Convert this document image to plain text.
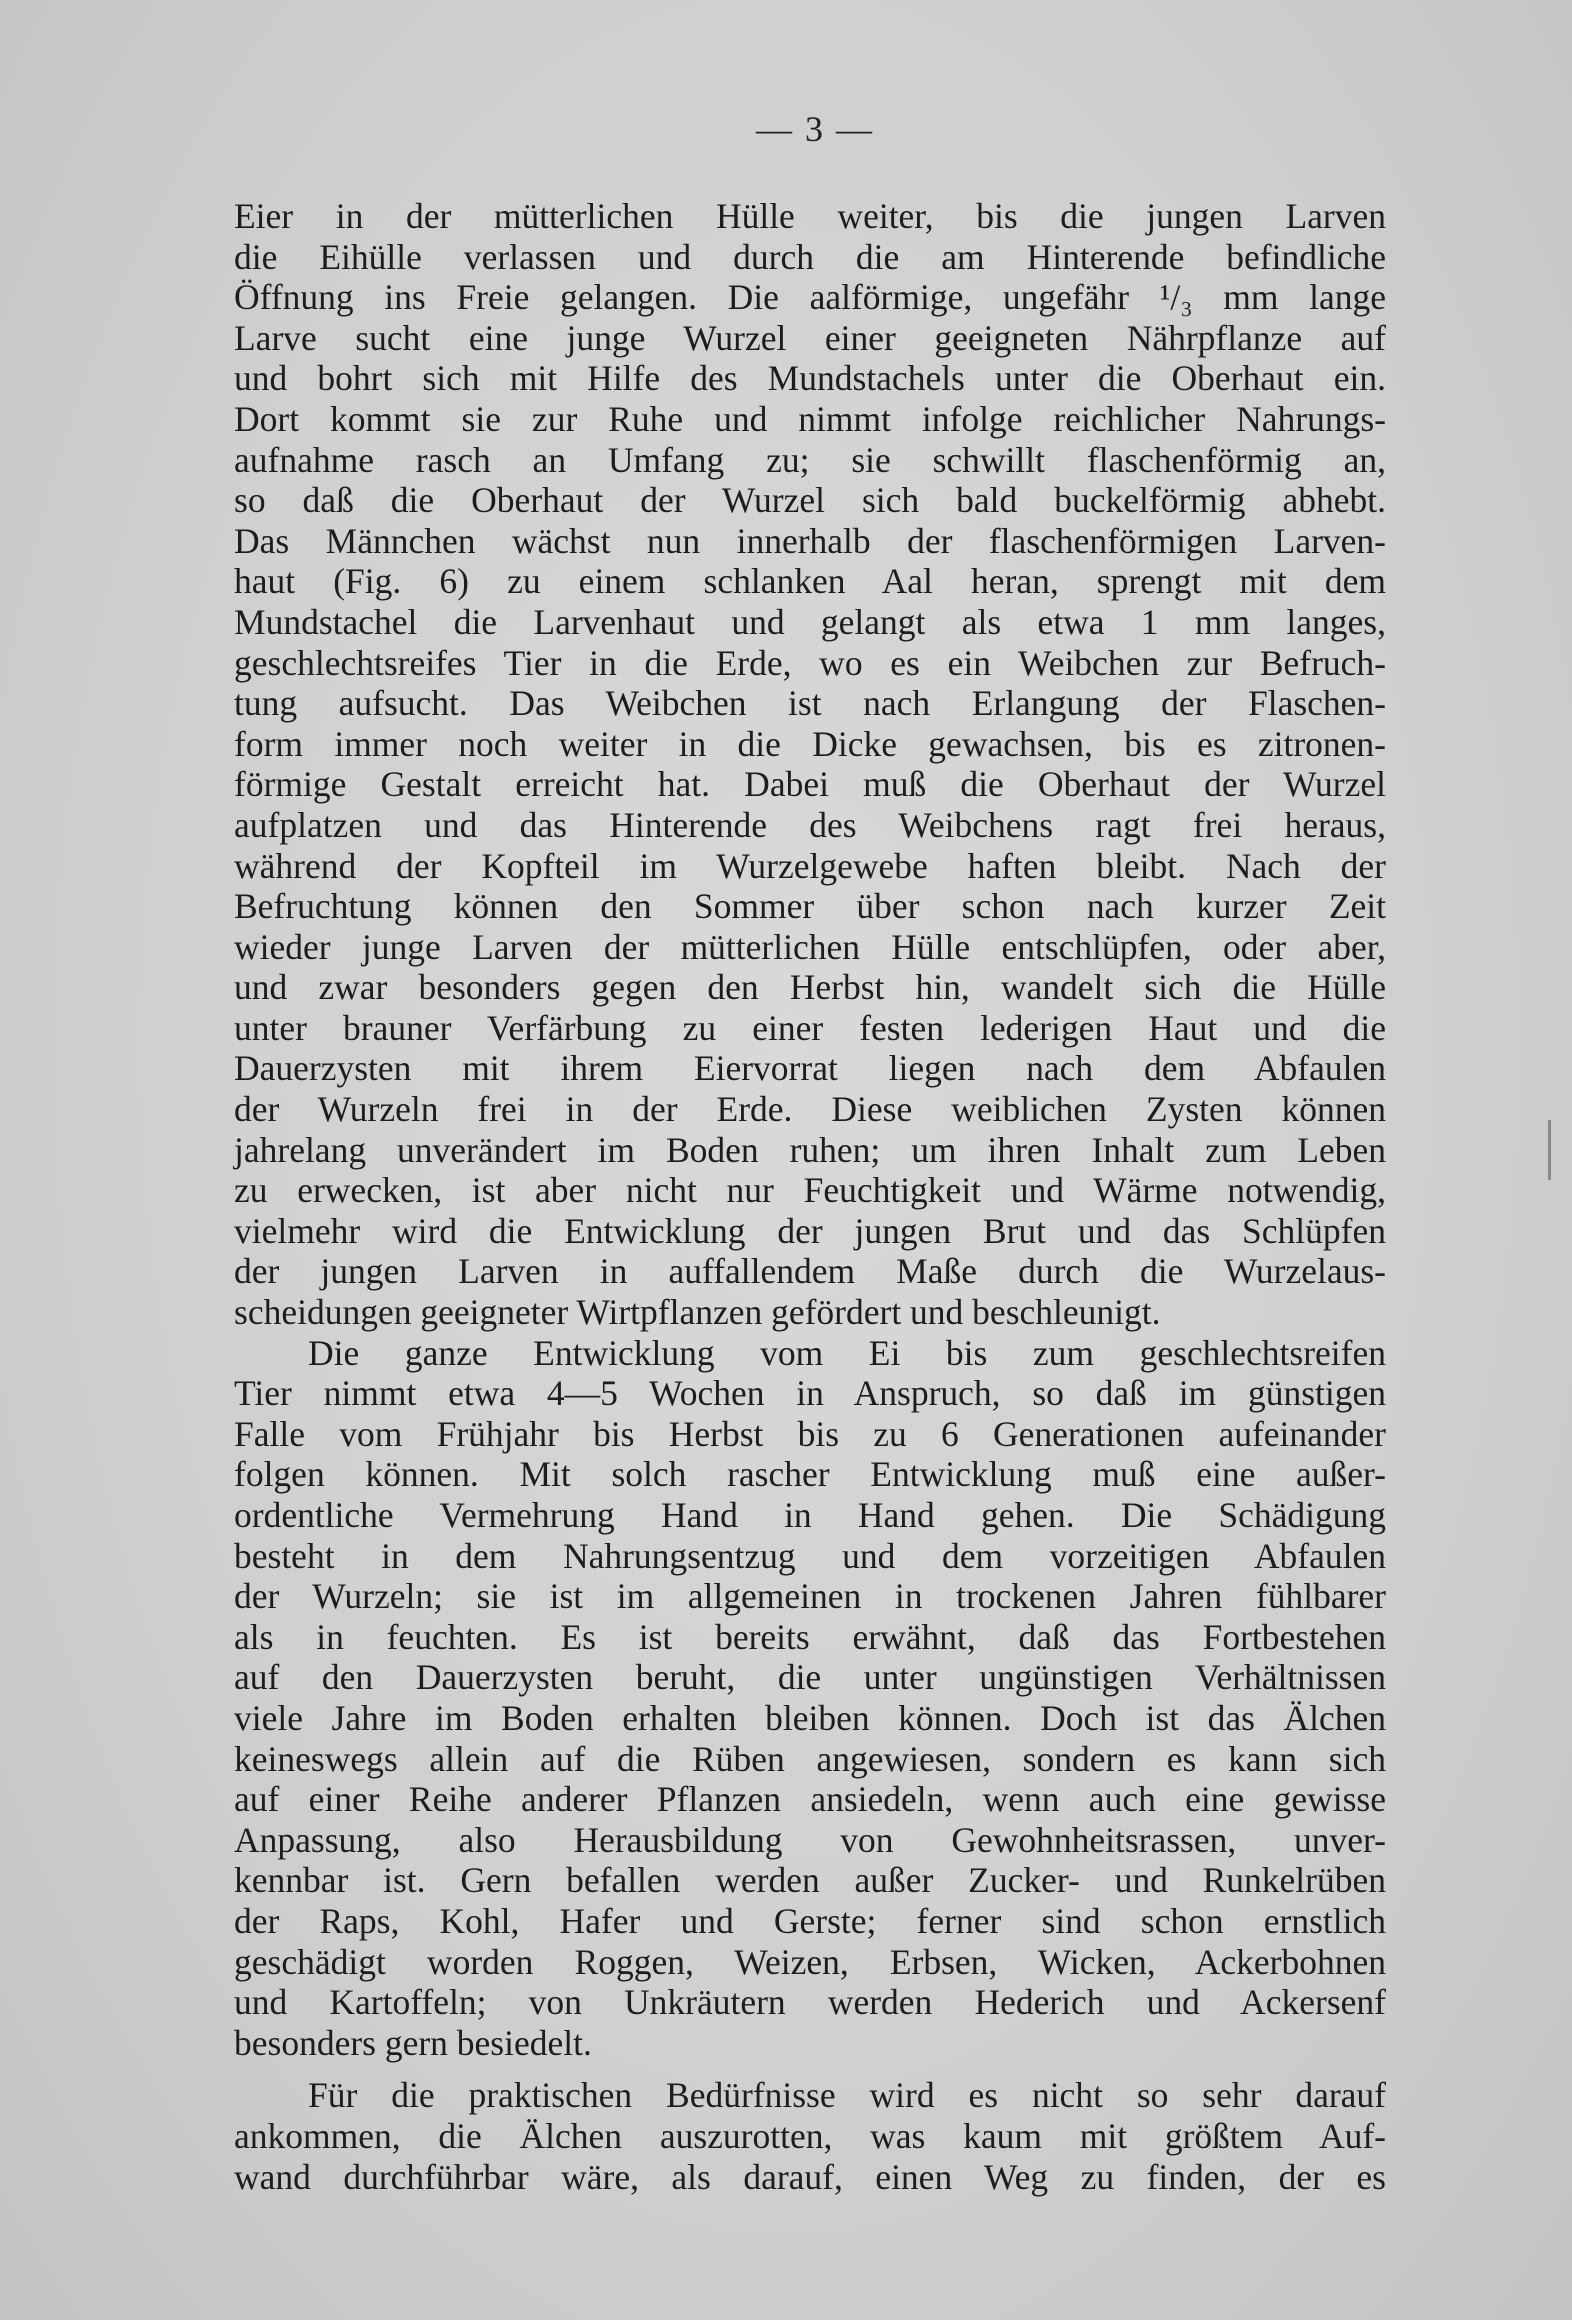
— 3 —
Eier in der mütterlichen Hülle weiter, bis die jungen Larven
die Eihülle verlassen und durch die am Hinterende befindliche
Öffnung ins Freie gelangen. Die aalförmige, ungefähr ¹/₃ mm lange
Larve sucht eine junge Wurzel einer geeigneten Nährpflanze auf
und bohrt sich mit Hilfe des Mundstachels unter die Oberhaut ein.
Dort kommt sie zur Ruhe und nimmt infolge reichlicher Nahrungs-
aufnahme rasch an Umfang zu; sie schwillt flaschenförmig an,
so daß die Oberhaut der Wurzel sich bald buckelförmig abhebt.
Das Männchen wächst nun innerhalb der flaschenförmigen Larven-
haut (Fig. 6) zu einem schlanken Aal heran, sprengt mit dem
Mundstachel die Larvenhaut und gelangt als etwa 1 mm langes,
geschlechtsreifes Tier in die Erde, wo es ein Weibchen zur Befruch-
tung aufsucht. Das Weibchen ist nach Erlangung der Flaschen-
form immer noch weiter in die Dicke gewachsen, bis es zitronen-
förmige Gestalt erreicht hat. Dabei muß die Oberhaut der Wurzel
aufplatzen und das Hinterende des Weibchens ragt frei heraus,
während der Kopfteil im Wurzelgewebe haften bleibt. Nach der
Befruchtung können den Sommer über schon nach kurzer Zeit
wieder junge Larven der mütterlichen Hülle entschlüpfen, oder aber,
und zwar besonders gegen den Herbst hin, wandelt sich die Hülle
unter brauner Verfärbung zu einer festen lederigen Haut und die
Dauerzysten mit ihrem Eiervorrat liegen nach dem Abfaulen
der Wurzeln frei in der Erde. Diese weiblichen Zysten können
jahrelang unverändert im Boden ruhen; um ihren Inhalt zum Leben
zu erwecken, ist aber nicht nur Feuchtigkeit und Wärme notwendig,
vielmehr wird die Entwicklung der jungen Brut und das Schlüpfen
der jungen Larven in auffallendem Maße durch die Wurzelaus-
scheidungen geeigneter Wirtpflanzen gefördert und beschleunigt.
Die ganze Entwicklung vom Ei bis zum geschlechtsreifen
Tier nimmt etwa 4—5 Wochen in Anspruch, so daß im günstigen
Falle vom Frühjahr bis Herbst bis zu 6 Generationen aufeinander
folgen können. Mit solch rascher Entwicklung muß eine außer-
ordentliche Vermehrung Hand in Hand gehen. Die Schädigung
besteht in dem Nahrungsentzug und dem vorzeitigen Abfaulen
der Wurzeln; sie ist im allgemeinen in trockenen Jahren fühlbarer
als in feuchten. Es ist bereits erwähnt, daß das Fortbestehen
auf den Dauerzysten beruht, die unter ungünstigen Verhältnissen
viele Jahre im Boden erhalten bleiben können. Doch ist das Älchen
keineswegs allein auf die Rüben angewiesen, sondern es kann sich
auf einer Reihe anderer Pflanzen ansiedeln, wenn auch eine gewisse
Anpassung, also Herausbildung von Gewohnheitsrassen, unver-
kennbar ist. Gern befallen werden außer Zucker- und Runkelrüben
der Raps, Kohl, Hafer und Gerste; ferner sind schon ernstlich
geschädigt worden Roggen, Weizen, Erbsen, Wicken, Ackerbohnen
und Kartoffeln; von Unkräutern werden Hederich und Ackersenf
besonders gern besiedelt.
Für die praktischen Bedürfnisse wird es nicht so sehr darauf
ankommen, die Älchen auszurotten, was kaum mit größtem Auf-
wand durchführbar wäre, als darauf, einen Weg zu finden, der es
